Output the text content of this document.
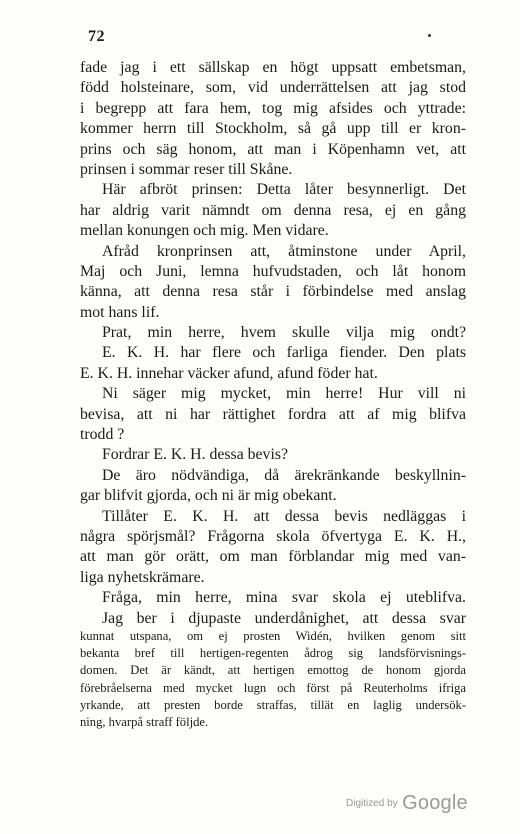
72
fade jag i ett sällskap en högt uppsatt embetsman,
född holsteinare, som, vid underrättelsen att jag stod
i begrepp att fara hem, tog mig afsides och yttrade:
kommer herrn till Stockholm, så gå upp till er kron-
prins och säg honom, att man i Köpenhamn vet, att
prinsen i sommar reser till Skåne.
Här afbröt prinsen: Detta låter besynnerligt. Det
har aldrig varit nämndt om denna resa, ej en gång
mellan konungen och mig. Men vidare.
Afråd kronprinsen att, åtminstone under April,
Maj och Juni, lemna hufvudstaden, och låt honom
känna, att denna resa står i förbindelse med anslag
mot hans lif.
Prat, min herre, hvem skulle vilja mig ondt?
E. K. H. har flere och farliga fiender. Den plats
E. K. H. innehar väcker afund, afund föder hat.
Ni säger mig mycket, min herre! Hur vill ni
bevisa, att ni har rättighet fordra att af mig blifva
trodd ?
Fordrar E. K. H. dessa bevis?
De äro nödvändiga, då ärekränkande beskyllnin-
gar blifvit gjorda, och ni är mig obekant.
Tillåter E. K. H. att dessa bevis nedläggas i
några spörjsmål? Frågorna skola öfvertyga E. K. H.,
att man gör orätt, om man förblandar mig med van-
liga nyhetskrämare.
Fråga, min herre, mina svar skola ej uteblifva.
Jag ber i djupaste underdånighet, att dessa svar
kunnat utspana, om ej prosten Widén, hvilken genom sitt
bekanta bref till hertigen-regenten ådrog sig landsförvisnings-
domen. Det är kändt, att hertigen emottog de honom gjorda
förebråelserna med mycket lugn och först på Reuterholms ifriga
yrkande, att presten borde straffas, tillät en laglig undersök-
ning, hvarpå straff följde.
Digitized by Google
